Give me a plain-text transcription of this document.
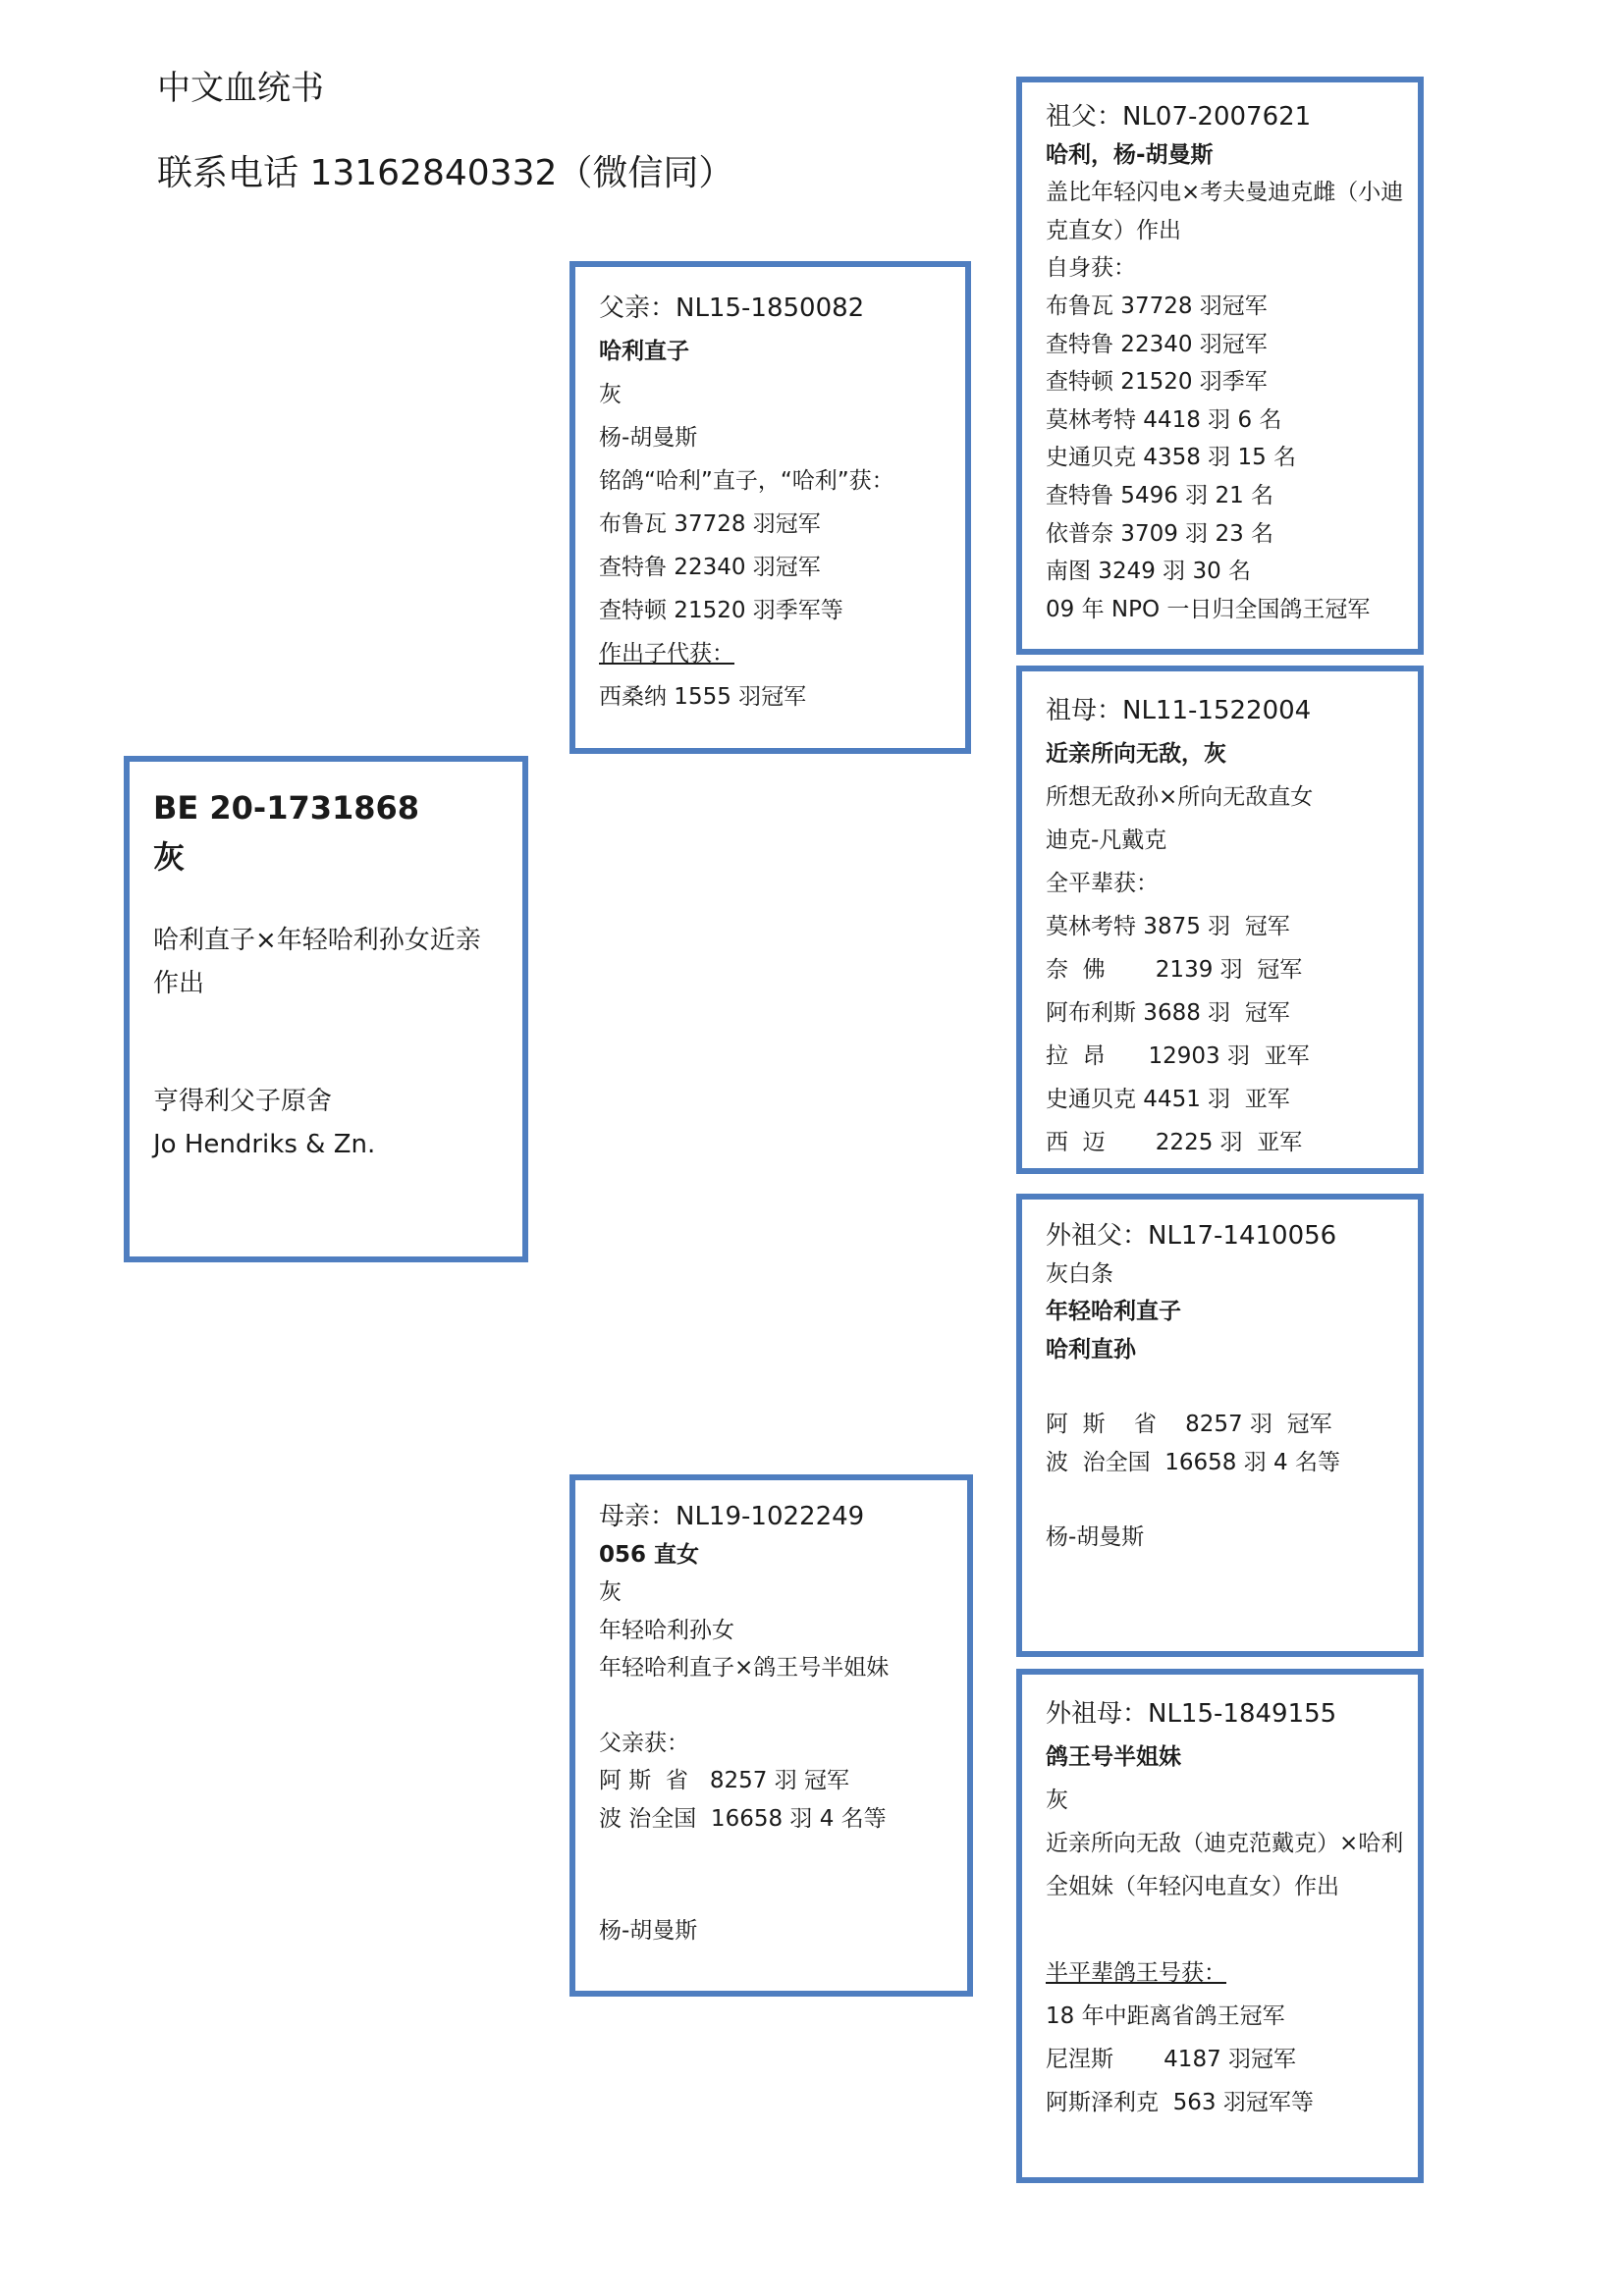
中文血统书
联系电话 13162840332（微信同）

BE 20-1731868

灰

哈利直子×年轻哈利孙女近亲作出

亨得利父子原舍

Jo Hendriks & Zn.

父亲：NL15-1850082

哈利直子

灰

杨-胡曼斯

铭鸽“哈利”直子，“哈利”获：

布鲁瓦 37728 羽冠军

查特鲁 22340 羽冠军

查特顿 21520 羽季军等

作出子代获：

西桑纳 1555 羽冠军

母亲：NL19-1022249

056 直女

灰

年轻哈利孙女

年轻哈利直子×鸽王号半姐妹

父亲获：

阿 斯  省   8257 羽 冠军

波 治全国  16658 羽 4 名等

杨-胡曼斯

祖父：NL07-2007621

哈利，杨-胡曼斯

盖比年轻闪电×考夫曼迪克雌（小迪

克直女）作出

自身获：

布鲁瓦 37728 羽冠军

查特鲁 22340 羽冠军

查特顿 21520 羽季军

莫林考特 4418 羽 6 名

史通贝克 4358 羽 15 名

查特鲁 5496 羽 21 名

依普奈 3709 羽 23 名

南图 3249 羽 30 名

09 年 NPO 一日归全国鸽王冠军

祖母：NL11-1522004

近亲所向无敌，灰

所想无敌孙×所向无敌直女

迪克-凡戴克

全平辈获：

莫林考特 3875 羽  冠军

奈  佛       2139 羽  冠军

阿布利斯 3688 羽  冠军

拉  昂      12903 羽  亚军

史通贝克 4451 羽  亚军

西  迈       2225 羽  亚军

外祖父：NL17-1410056

灰白条

年轻哈利直子

哈利直孙

阿  斯    省    8257 羽  冠军

波  治全国  16658 羽 4 名等

杨-胡曼斯

外祖母：NL15-1849155

鸽王号半姐妹

灰

近亲所向无敌（迪克范戴克）×哈利

全姐妹（年轻闪电直女）作出

半平辈鸽王号获：

18 年中距离省鸽王冠军

尼涅斯       4187 羽冠军

阿斯泽利克  563 羽冠军等
